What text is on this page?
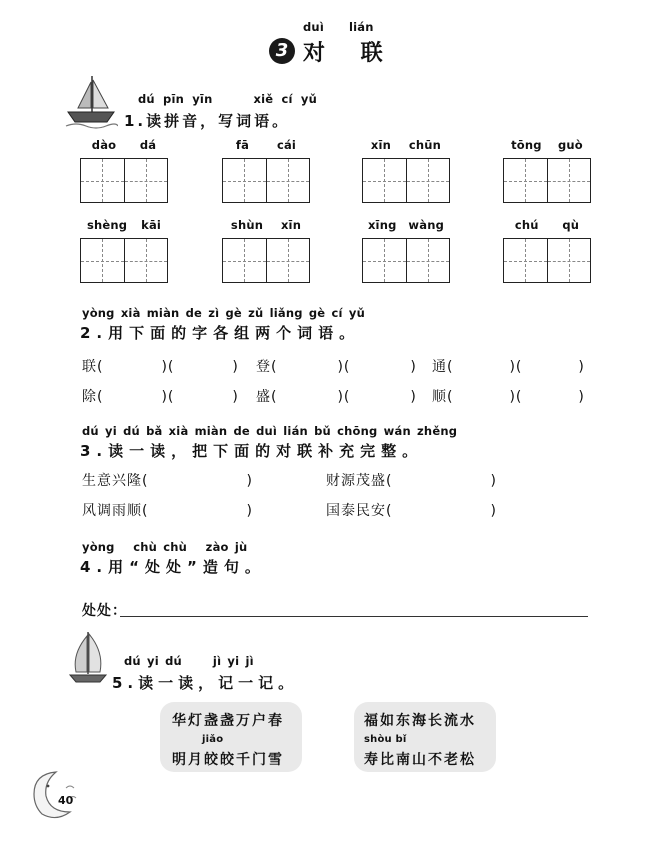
duì lián
3 对 联
dú pīn yīn	xiě cí yǔ
1.读拼音，写词语。
dào dá	fā cái	xīn chūn	tōng guò
shèng kāi	shùn xīn	xīng wàng	chú qù
yòng xià miàn de zì gè zǔ liǎng gè cí yǔ
2.用下面的字各组两个词语。
联(	)(	)	登(	)(	)	通(	)(	)
除(	)(	)	盛(	)(	)	顺(	)(	)
dú yi dú bǎ xià miàn de duì lián bǔ chōng wán zhěng
3.读一读，把下面的对联补充完整。
生意兴隆(	)	财源茂盛(	)
风调雨顺(	)	国泰民安(	)
yòng chù chù zào jù
4.用“处处”造句。
处处：
dú yi dú	jì yi jì
5.读一读，记一记。
华灯盏盏万户春
jiǎo
明月皎皎千门雪
福如东海长流水
shòu bǐ
寿比南山不老松
40
